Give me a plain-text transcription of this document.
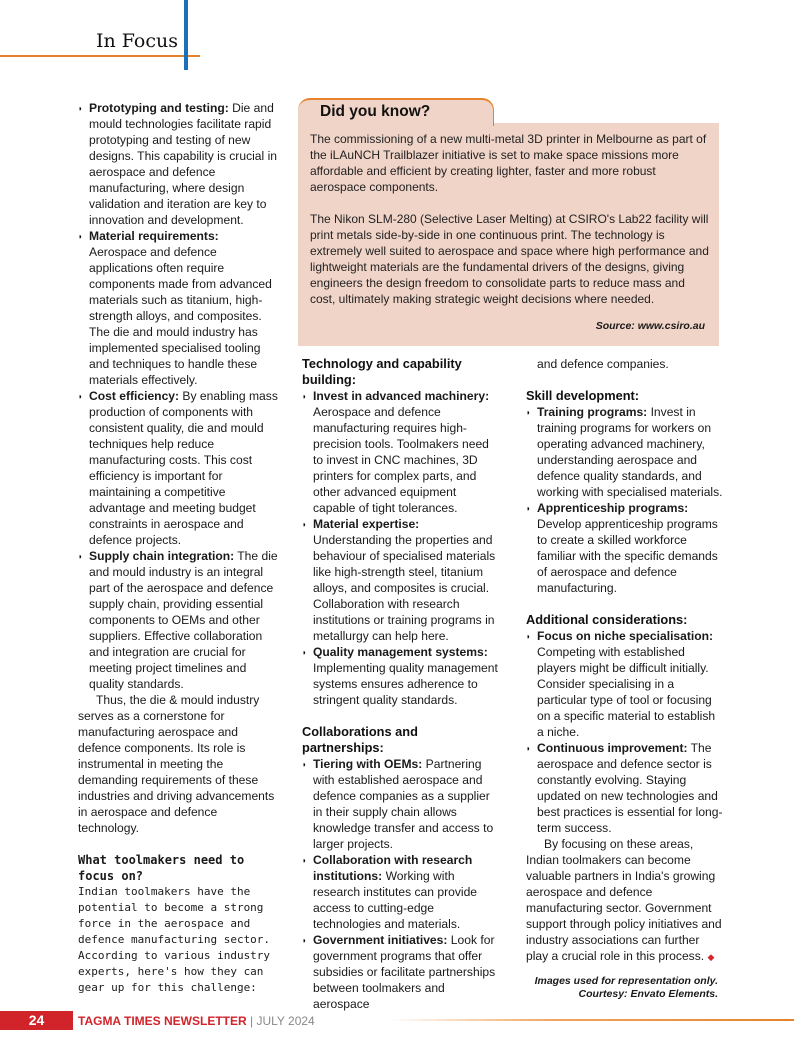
In Focus
◗ Prototyping and testing: Die and mould technologies facilitate rapid prototyping and testing of new designs. This capability is crucial in aerospace and defence manufacturing, where design validation and iteration are key to innovation and development.
◗ Material requirements: Aerospace and defence applications often require components made from advanced materials such as titanium, high-strength alloys, and composites. The die and mould industry has implemented specialised tooling and techniques to handle these materials effectively.
◗ Cost efficiency: By enabling mass production of components with consistent quality, die and mould techniques help reduce manufacturing costs. This cost efficiency is important for maintaining a competitive advantage and meeting budget constraints in aerospace and defence projects.
◗ Supply chain integration: The die and mould industry is an integral part of the aerospace and defence supply chain, providing essential components to OEMs and other suppliers. Effective collaboration and integration are crucial for meeting project timelines and quality standards.

Thus, the die & mould industry serves as a cornerstone for manufacturing aerospace and defence components. Its role is instrumental in meeting the demanding requirements of these industries and driving advancements in aerospace and defence technology.

What toolmakers need to focus on?

Indian toolmakers have the potential to become a strong force in the aerospace and defence manufacturing sector. According to various industry experts, here's how they can gear up for this challenge:

Source: www.csiro.au
Did you know?

The commissioning of a new multi-metal 3D printer in Melbourne as part of the iLAuNCH Trailblazer initiative is set to make space missions more affordable and efficient by creating lighter, faster and more robust aerospace components.

The Nikon SLM-280 (Selective Laser Melting) at CSIRO's Lab22 facility will print metals side-by-side in one continuous print. The technology is extremely well suited to aerospace and space where high performance and lightweight materials are the fundamental drivers of the designs, giving engineers the design freedom to consolidate parts to reduce mass and cost, ultimately making strategic weight decisions where needed.

Technology and capability building:
◗ Invest in advanced machinery: Aerospace and defence manufacturing requires high-precision tools. Toolmakers need to invest in CNC machines, 3D printers for complex parts, and other advanced equipment capable of tight tolerances.
◗ Material expertise: Understanding the properties and behaviour of specialised materials like high-strength steel, titanium alloys, and composites is crucial. Collaboration with research institutions or training programs in metallurgy can help here.
◗ Quality management systems: Implementing quality management systems ensures adherence to stringent quality standards.
Collaborations and partnerships:
◗ Tiering with OEMs: Partnering with established aerospace and defence companies as a supplier in their supply chain allows knowledge transfer and access to larger projects.
◗ Collaboration with research institutions: Working with research institutes can provide access to cutting-edge technologies and materials.
◗ Government initiatives: Look for government programs that offer subsidies or facilitate partnerships between toolmakers and aerospace

and defence companies.

Skill development:
◗ Training programs: Invest in training programs for workers on operating advanced machinery, understanding aerospace and defence quality standards, and working with specialised materials.
◗ Apprenticeship programs: Develop apprenticeship programs to create a skilled workforce familiar with the specific demands of aerospace and defence manufacturing.
Additional considerations:
◗ Focus on niche specialisation: Competing with established players might be difficult initially. Consider specialising in a particular type of tool or focusing on a specific material to establish a niche.
◗ Continuous improvement: The aerospace and defence sector is constantly evolving. Staying updated on new technologies and best practices is essential for long-term success.

By focusing on these areas, Indian toolmakers can become valuable partners in India's growing aerospace and defence manufacturing sector. Government support through policy initiatives and industry associations can further play a crucial role in this process. ◆

Images used for representation only.
Courtesy: Envato Elements.
24	TAGMA TIMES NEWSLETTER | JULY 2024
